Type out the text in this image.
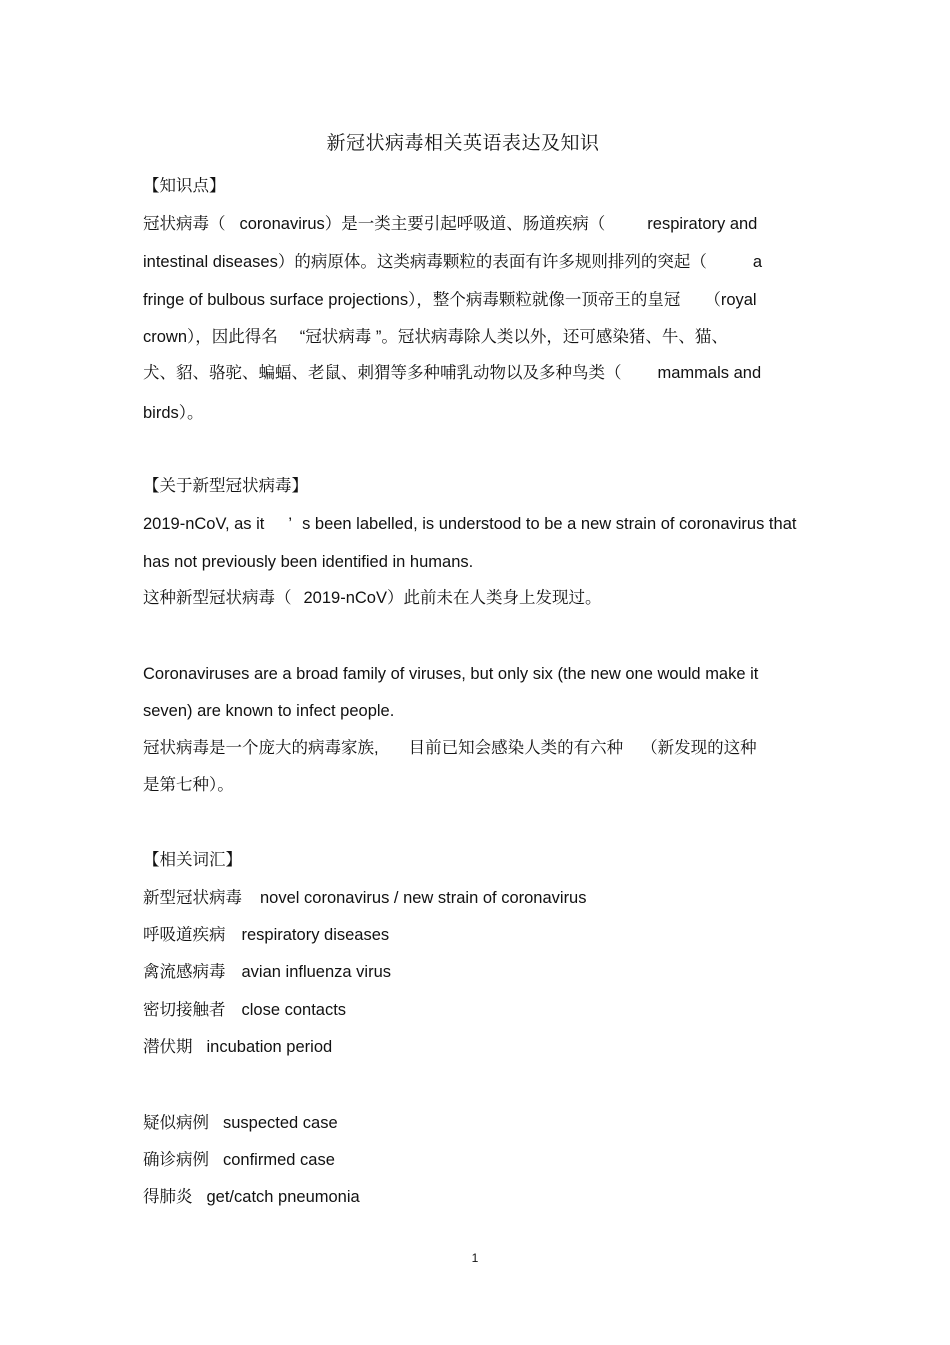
新冠状病毒相关英语表达及知识
【知识点】
冠状病毒（ coronavirus）是一类主要引起呼吸道、肠道疾病（	respiratory and
intestinal diseases）的病原体。这类病毒颗粒的表面有许多规则排列的突起（	a
fringe of bulbous surface projections），整个病毒颗粒就像一顶帝王的皇冠 （royal
crown），因此得名 “冠状病毒 ”。冠状病毒除人类以外，还可感染猪、牛、猫、
犬、貂、骆驼、蝙蝠、老鼠、刺猬等多种哺乳动物以及多种鸟类（ mammals and
birds）。
【关于新型冠状病毒】
2019-nCoV, as it ’ s been labelled, is understood to be a new strain of coronavirus that
has not previously been identified in humans.
这种新型冠状病毒（ 2019-nCoV）此前未在人类身上发现过。
Coronaviruses are a broad family of viruses, but only six (the new one would make it
seven) are known to infect people.
冠状病毒是一个庞大的病毒家族, 目前已知会感染人类的有六种 （新发现的这种
是第七种）。
【相关词汇】
新型冠状病毒 novel coronavirus / new strain of coronavirus
呼吸道疾病 respiratory diseases
禽流感病毒 avian influenza virus
密切接触者 close contacts
潜伏期 incubation period
疑似病例 suspected case
确诊病例 confirmed case
得肺炎 get/catch pneumonia
1
